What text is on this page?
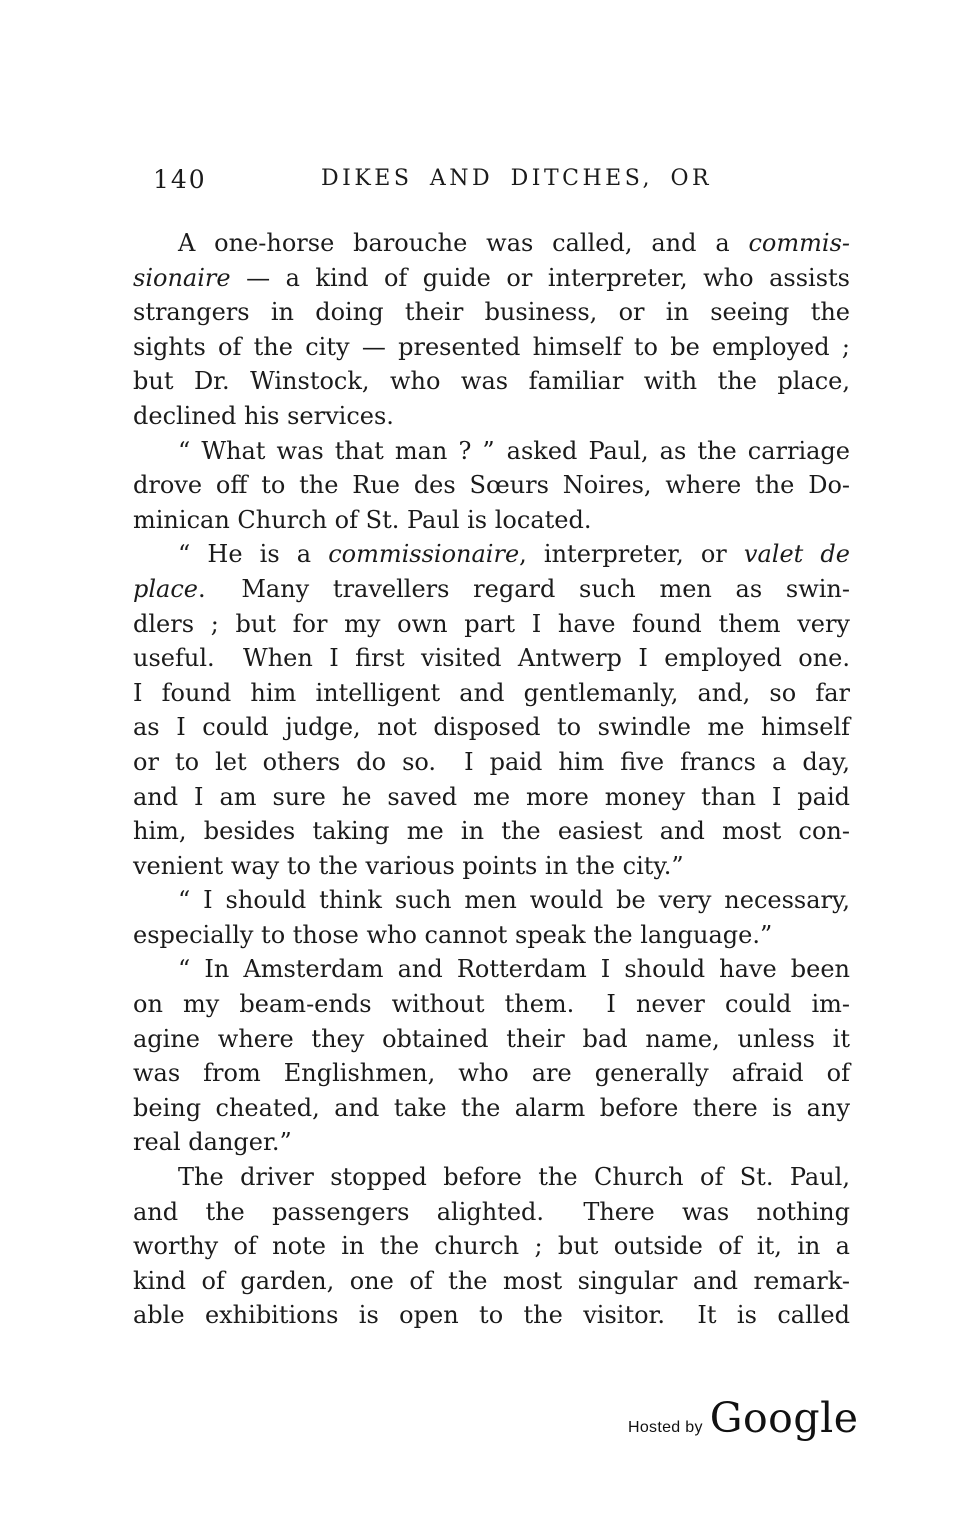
140	DIKES AND DITCHES, OR
A one-horse barouche was called, and a commis-
sionaire — a kind of guide or interpreter, who assists
strangers in doing their business, or in seeing the
sights of the city — presented himself to be employed ;
but Dr. Winstock, who was familiar with the place,
declined his services.
“ What was that man ? ” asked Paul, as the carriage
drove off to the Rue des Sœurs Noires, where the Do-
minican Church of St. Paul is located.
“ He is a commissionaire, interpreter, or valet de
place.  Many travellers regard such men as swin-
dlers ; but for my own part I have found them very
useful.  When I first visited Antwerp I employed one.
I found him intelligent and gentlemanly, and, so far
as I could judge, not disposed to swindle me himself
or to let others do so.  I paid him five francs a day,
and I am sure he saved me more money than I paid
him, besides taking me in the easiest and most con-
venient way to the various points in the city.”
“ I should think such men would be very necessary,
especially to those who cannot speak the language.”
“ In Amsterdam and Rotterdam I should have been
on my beam-ends without them.  I never could im-
agine where they obtained their bad name, unless it
was from Englishmen, who are generally afraid of
being cheated, and take the alarm before there is any
real danger.”
The driver stopped before the Church of St. Paul,
and the passengers alighted.  There was nothing
worthy of note in the church ; but outside of it, in a
kind of garden, one of the most singular and remark-
able exhibitions is open to the visitor.  It is called
Hosted by Google
